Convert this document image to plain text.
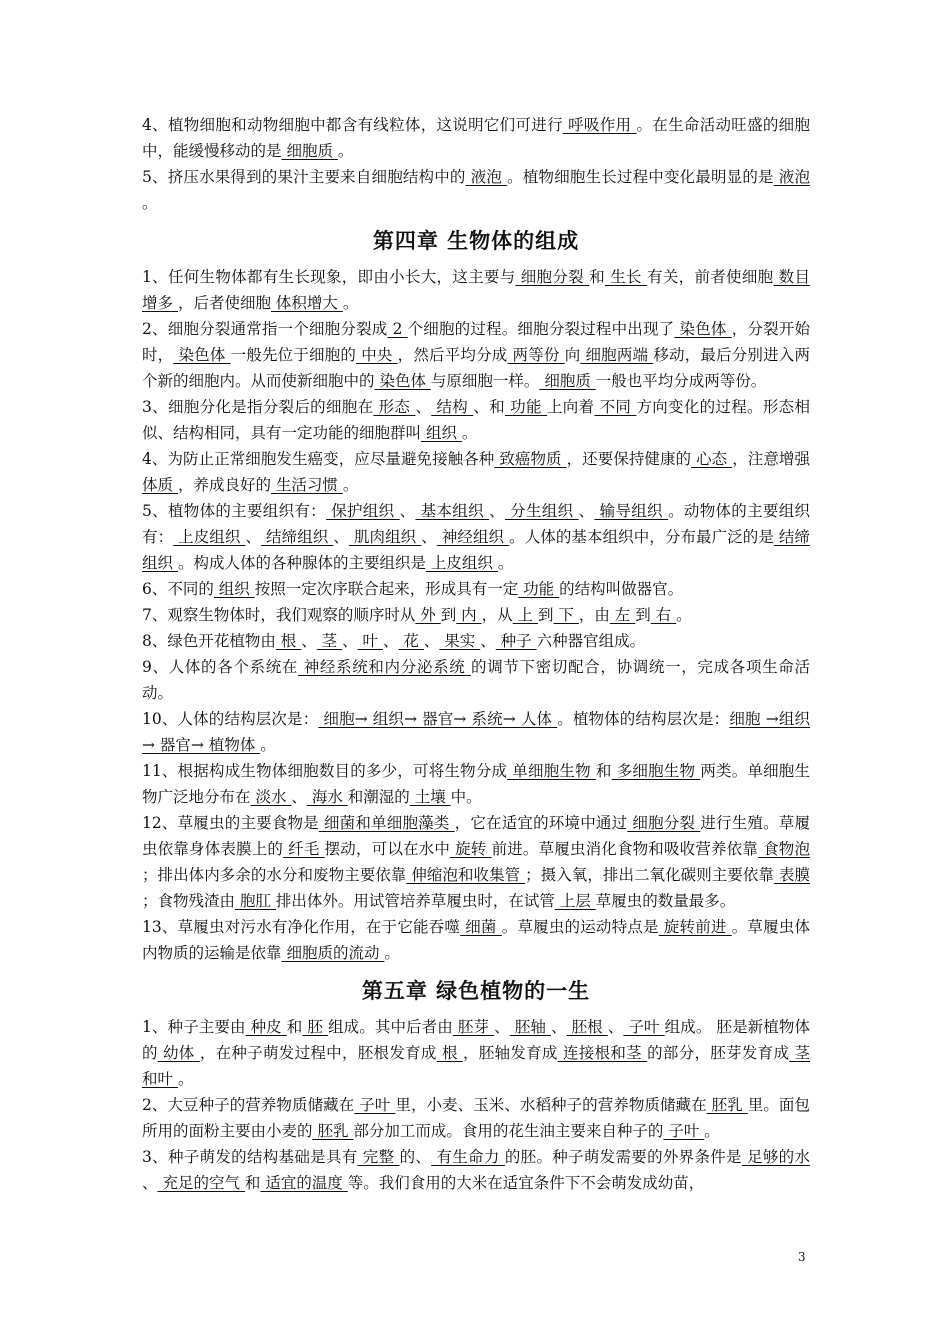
4、植物细胞和动物细胞中都含有线粒体，这说明它们可进行 呼吸作用 。在生命活动旺盛的细胞中，能缓慢移动的是 细胞质 。

5、挤压水果得到的果汁主要来自细胞结构中的 液泡 。植物细胞生长过程中变化最明显的是 液泡 。

第四章 生物体的组成

1、任何生物体都有生长现象，即由小长大，这主要与 细胞分裂 和 生长 有关，前者使细胞 数目增多 ，后者使细胞 体积增大 。

2、细胞分裂通常指一个细胞分裂成 2 个细胞的过程。细胞分裂过程中出现了 染色体 ，分裂开始时， 染色体 一般先位于细胞的 中央 ，然后平均分成 两等份 向 细胞两端 移动，最后分别进入两个新的细胞内。从而使新细胞中的 染色体 与原细胞一样。 细胞质 一般也平均分成两等份。

3、细胞分化是指分裂后的细胞在 形态 、 结构 、和 功能 上向着 不同 方向变化的过程。形态相似、结构相同，具有一定功能的细胞群叫 组织 。

4、为防止正常细胞发生癌变，应尽量避免接触各种 致癌物质 ，还要保持健康的 心态 ，注意增强 体质 ，养成良好的 生活习惯 。

5、植物体的主要组织有： 保护组织 、 基本组织 、 分生组织 、 输导组织 。动物体的主要组织有： 上皮组织 、 结缔组织 、 肌肉组织 、 神经组织 。人体的基本组织中，分布最广泛的是 结缔组织 。构成人体的各种腺体的主要组织是 上皮组织 。

6、不同的 组织 按照一定次序联合起来，形成具有一定 功能 的结构叫做器官。

7、观察生物体时，我们观察的顺序时从 外 到 内 ，从 上 到 下 ，由 左 到 右 。

8、绿色开花植物由 根 、 茎 、 叶 、 花 、 果实 、 种子 六种器官组成。

9、人体的各个系统在 神经系统和内分泌系统 的调节下密切配合，协调统一，完成各项生命活动。

10、人体的结构层次是： 细胞→ 组织→ 器官→ 系统→ 人体 。植物体的结构层次是：细胞 →组织→ 器官→ 植物体 。

11、根据构成生物体细胞数目的多少，可将生物分成 单细胞生物 和 多细胞生物 两类。单细胞生物广泛地分布在 淡水 、 海水 和潮湿的 土壤 中。

12、草履虫的主要食物是 细菌和单细胞藻类 ，它在适宜的环境中通过 细胞分裂 进行生殖。草履虫依靠身体表膜上的 纤毛 摆动，可以在水中 旋转 前进。草履虫消化食物和吸收营养依靠 食物泡 ；排出体内多余的水分和废物主要依靠 伸缩泡和收集管 ；摄入氧，排出二氧化碳则主要依靠 表膜 ；食物残渣由 胞肛 排出体外。用试管培养草履虫时，在试管 上层 草履虫的数量最多。

13、草履虫对污水有净化作用，在于它能吞噬 细菌 。草履虫的运动特点是 旋转前进 。草履虫体内物质的运输是依靠 细胞质的流动 。

第五章 绿色植物的一生

1、种子主要由 种皮 和 胚 组成。其中后者由 胚芽 、 胚轴 、 胚根 、 子叶 组成。 胚是新植物体的 幼体 ，在种子萌发过程中，胚根发育成 根 ，胚轴发育成 连接根和茎 的部分，胚芽发育成 茎和叶 。

2、大豆种子的营养物质储藏在 子叶 里，小麦、玉米、水稻种子的营养物质储藏在 胚乳 里。面包所用的面粉主要由小麦的 胚乳 部分加工而成。食用的花生油主要来自种子的 子叶 。

3、种子萌发的结构基础是具有 完整 的、 有生命力 的胚。种子萌发需要的外界条件是 足够的水 、 充足的空气 和 适宜的温度 等。我们食用的大米在适宜条件下不会萌发成幼苗，

3
